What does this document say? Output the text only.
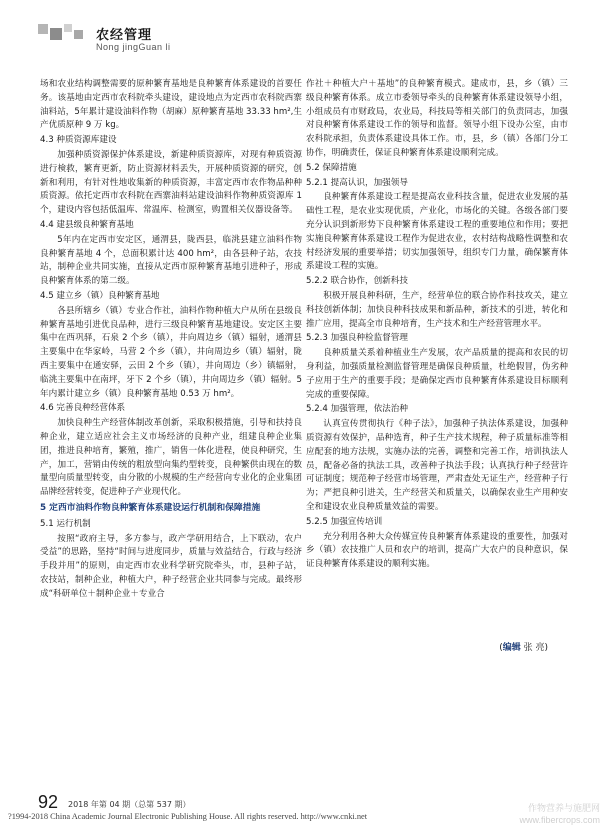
农经管理
Nong jingGuan li

场和农业结构调整需要的原种繁育基地是良种繁育体系建设的首要任务。该基地由定西市农科院牵头建设，建设地点为定西市农科院西寨油料站，5年累计建设油料作物（胡麻）原种繁育基地 33.33 hm²,生产优质原种 9 万 kg。

4.3 种质资源库建设

加强种质资源保护体系建设，新建种质资源库，对现有种质资源进行検救，繁育更新，防止资源材料丢失，开展种质资源的研究，创新和利用，有针对性地收集新的种质资源，丰富定西市农作物品种种质资源。依托定西市农科院在西寨油料站建设油料作物种质资源库 1 个，建设内容包括低温库、常温库、检测室，购置相关仪器设备等。

4.4 建县级良种繁育基地

5年内在定西市安定区，通渭县，陇西县，临洮县建立油料作物良种繁育基地 4 个，总面积累计达 400 hm²，由各县种子站，农技站，制种企业共同实施，直接从定西市原种繁育基地引进种子，形成良种繁育体系的第二级。

4.5 建立乡（镇）良种繁育基地

各县所辖乡（镇）专业合作社，油料作物种植大户从所在县级良种繁育基地引进优良品种，进行三级良种繁育基地建设。安定区主要集中在西巩驿，石泉 2 个乡（镇），井向周边乡（镇）辐射，通渭县主要集中在华家岭，马营 2 个乡（镇），井向周边乡（镇）辐射，陇西主要集中在通安驿，云田 2 个乡（镇），井向周边（乡）镇辐射，临洮主要集中在南坪，牙下 2 个乡（镇），井向周边乡（镇）辐射。5年内累计建立乡（镇）良种繁育基地 0.53 万 hm²。

4.6 完善良种经营体系

加快良种生产经营体制改革创新，采取积极措施，引导和扶持良种企业，建立适应社会主义市场经济的良种产业，组建良种企业集团，推进良种培育，繁殖，推广，销售一体化进程，使良种研究，生产，加工，营销由传统的粗放型向集约型转变，良种繁供由现在的数量型向质量型转变，由分散的小规模的生产经营向专业化的企业集团品牌经营转变，促进种子产业现代化。

5 定西市油料作物良种繁育体系建设运行机制和保障措施
5.1 运行机制

按照“政府主导，多方参与，政产学研用结合，上下联动，农户受益”的思路，坚持“时间与进度同步，质量与效益结合，行政与经济手段并用”的原则，由定西市农业科学研究院牵头，市，县种子站，农技站，制种企业，种植大户，种子经营企业共同参与完成。最终形成“科研单位＋制种企业＋专业合

作社＋种植大户＋基地”的良种繁育模式。建成市，县，乡（镇）三级良种繁育体系。成立市委领导牵头的良种繁育体系建设领导小组，小组成员有市财政局，农业局，科技局等相关部门的负责同志，加强对良种繁育体系建设工作的领导和监督。领导小组下设办公室，由市农科院承担，负责体系建设具体工作。市，县，乡（镇）各部门分工协作，明确责任，保证良种繁育体系建设顺利完成。

5.2 保障措施
5.2.1 提高认识，加强领导

良种繁育体系建设工程是提高农业科技含量，促进农业发展的基础性工程，是农业实现优质，产业化，市场化的关键。各级各部门要充分认识到新形势下良种繁育体系建设工程的重要地位和作用；要把实施良种繁育体系建设工程作为促进农业，农村结构战略性调整和农村经济发展的重要举措；切实加强领导，组织专门力量，确保繁育体系建设工程的实施。

5.2.2 联合协作，创新科技

积极开展良种科研，生产，经营单位的联合协作科技攻关，建立科技创新体制；加快良种科技成果和新品种，新技术的引进，转化和推广应用，提高全市良种培育，生产技术和生产经营管理水平。

5.2.3 加强良种检监督管理

良种质量关系着种植业生产发展，农产品质量的提高和农民的切身利益，加强质量检测监督管理是确保良种质量，杜绝假冒，伪劣种子应用于生产的重要手段；是确保定西市良种繁育体系建设目标顺利完成的重要保障。

5.2.4 加强管理，依法治种

认真宣传贯彻执行《种子法》，加强种子执法体系建设，加强种质资源有效保护，品种选育，种子生产技术规程，种子质量标准等相应配套的地方法规，实施办法的完善，调整和完善工作，培训执法人员，配备必备的执法工具，改善种子执法手段；认真执行种子经营许可证制度；规范种子经营市场管理，严肃查处无证生产，经营种子行为；严把良种引进关，生产经营关和质量关，以确保农业生产用种安全和建设农业良种质量效益的需要。

5.2.5 加强宣传培训

充分利用各种大众传媒宣传良种繁育体系建设的重要性，加强对乡（镇）农技推广人员和农户的培训，提高广大农户的良种意识，保证良种繁育体系建设的顺利实施。

(编辑 张 亮)
92 2018 年第 04 期（总第 537 期）
?1994-2018 China Academic Journal Electronic Publishing House. All rights reserved. http://www.cnki.net
作物营养与施肥网
www.fibercrops.com
